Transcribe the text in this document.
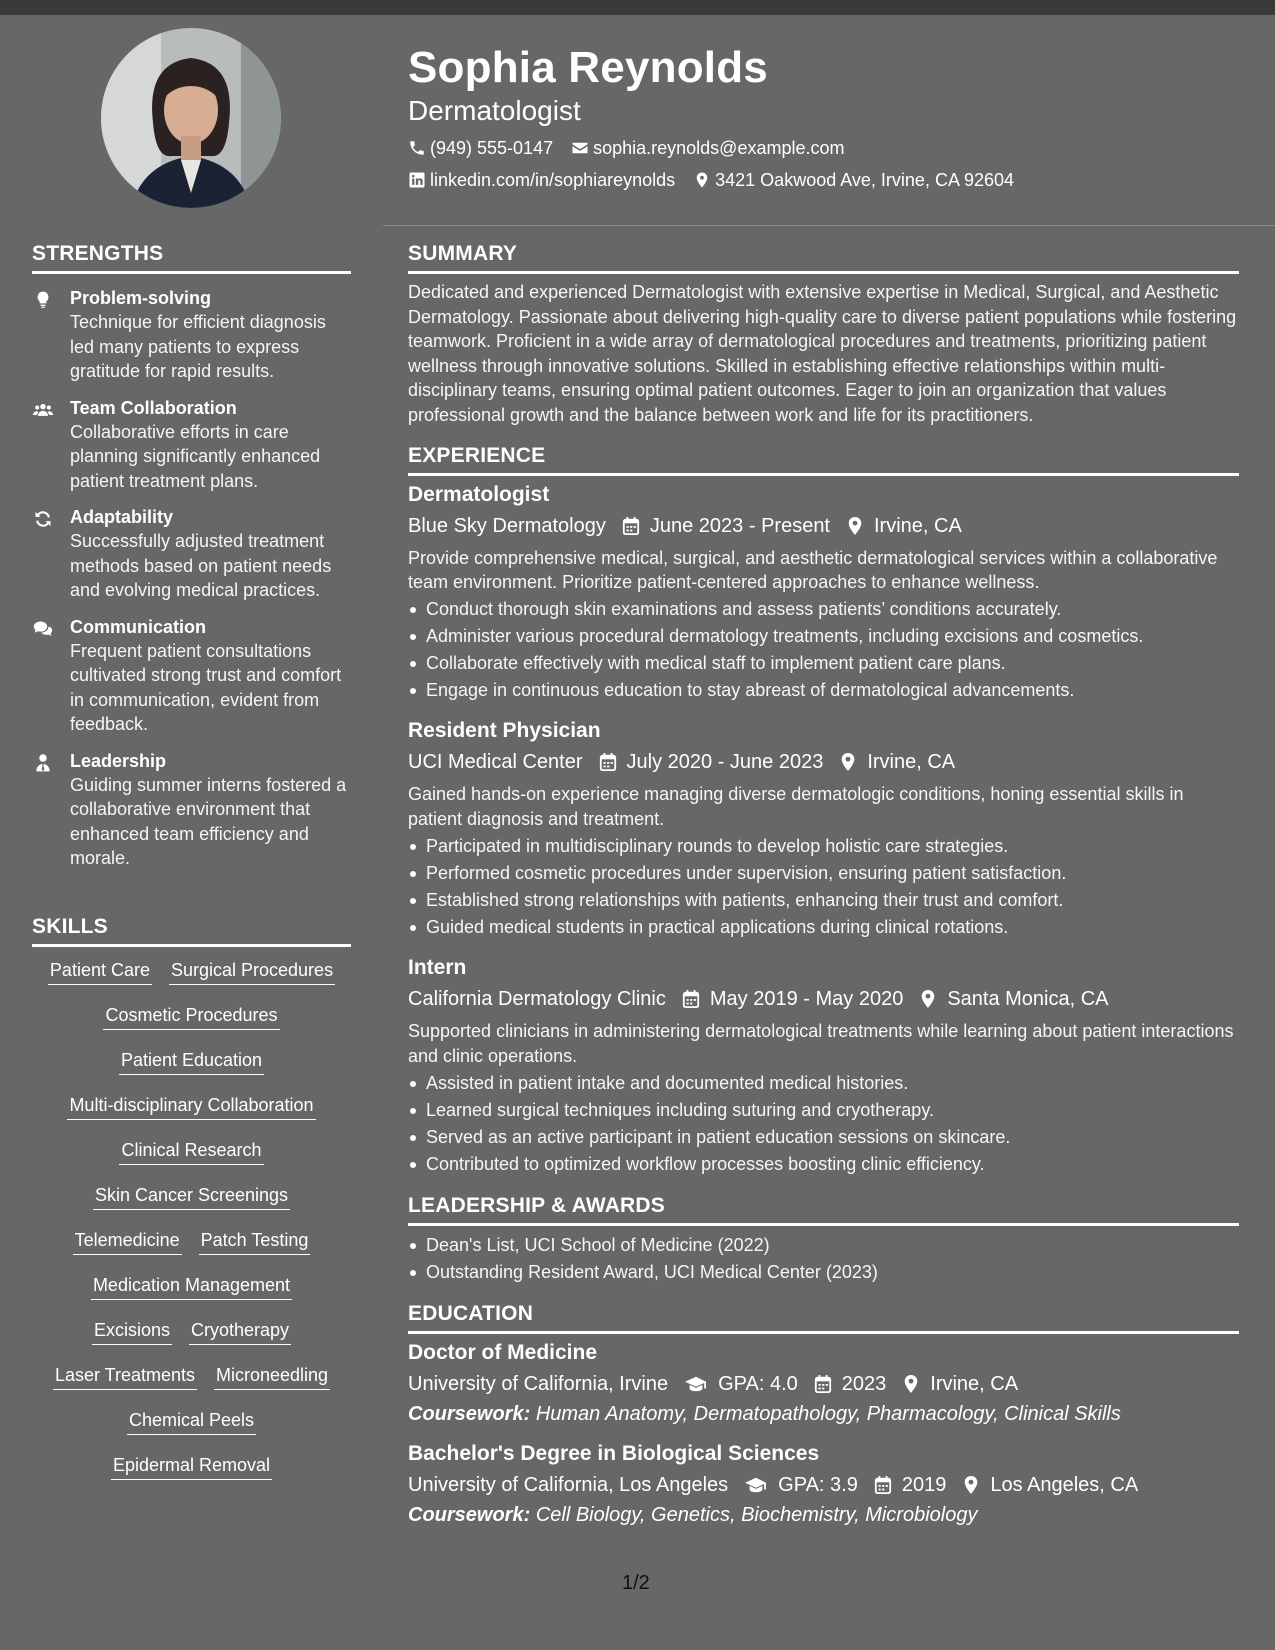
Sophia Reynolds
Dermatologist
(949) 555-0147 sophia.reynolds@example.com
linkedin.com/in/sophiareynolds 3421 Oakwood Ave, Irvine, CA 92604
STRENGTHS
Problem-solving
Technique for efficient diagnosis led many patients to express gratitude for rapid results.
Team Collaboration
Collaborative efforts in care planning significantly enhanced patient treatment plans.
Adaptability
Successfully adjusted treatment methods based on patient needs and evolving medical practices.
Communication
Frequent patient consultations cultivated strong trust and comfort in communication, evident from feedback.
Leadership
Guiding summer interns fostered a collaborative environment that enhanced team efficiency and morale.
SKILLS
Patient Care Surgical Procedures
Cosmetic Procedures
Patient Education
Multi-disciplinary Collaboration
Clinical Research
Skin Cancer Screenings
Telemedicine Patch Testing
Medication Management
Excisions Cryotherapy
Laser Treatments Microneedling
Chemical Peels
Epidermal Removal
SUMMARY
Dedicated and experienced Dermatologist with extensive expertise in Medical, Surgical, and Aesthetic Dermatology. Passionate about delivering high-quality care to diverse patient populations while fostering teamwork. Proficient in a wide array of dermatological procedures and treatments, prioritizing patient wellness through innovative solutions. Skilled in establishing effective relationships within multi-disciplinary teams, ensuring optimal patient outcomes. Eager to join an organization that values professional growth and the balance between work and life for its practitioners.
EXPERIENCE
Dermatologist
Blue Sky Dermatology June 2023 - Present Irvine, CA
Provide comprehensive medical, surgical, and aesthetic dermatological services within a collaborative team environment. Prioritize patient-centered approaches to enhance wellness.
Conduct thorough skin examinations and assess patients’ conditions accurately.
Administer various procedural dermatology treatments, including excisions and cosmetics.
Collaborate effectively with medical staff to implement patient care plans.
Engage in continuous education to stay abreast of dermatological advancements.
Resident Physician
UCI Medical Center July 2020 - June 2023 Irvine, CA
Gained hands-on experience managing diverse dermatologic conditions, honing essential skills in patient diagnosis and treatment.
Participated in multidisciplinary rounds to develop holistic care strategies.
Performed cosmetic procedures under supervision, ensuring patient satisfaction.
Established strong relationships with patients, enhancing their trust and comfort.
Guided medical students in practical applications during clinical rotations.
Intern
California Dermatology Clinic May 2019 - May 2020 Santa Monica, CA
Supported clinicians in administering dermatological treatments while learning about patient interactions and clinic operations.
Assisted in patient intake and documented medical histories.
Learned surgical techniques including suturing and cryotherapy.
Served as an active participant in patient education sessions on skincare.
Contributed to optimized workflow processes boosting clinic efficiency.
LEADERSHIP & AWARDS
Dean's List, UCI School of Medicine (2022)
Outstanding Resident Award, UCI Medical Center (2023)
EDUCATION
Doctor of Medicine
University of California, Irvine	GPA: 4.0 2023 Irvine, CA
Coursework: Human Anatomy, Dermatopathology, Pharmacology, Clinical Skills
Bachelor's Degree in Biological Sciences
University of California, Los Angeles	GPA: 3.9 2019 Los Angeles, CA
Coursework: Cell Biology, Genetics, Biochemistry, Microbiology
1/2
